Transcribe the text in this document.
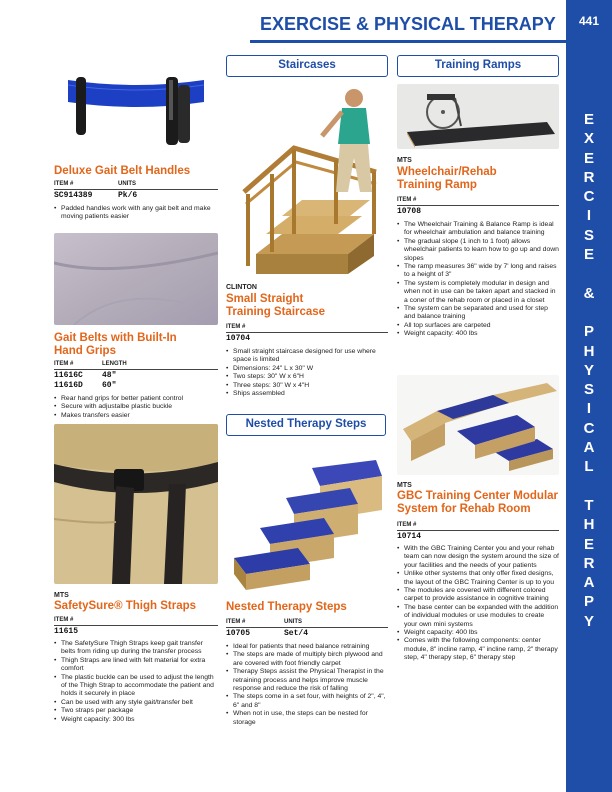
EXERCISE & PHYSICAL THERAPY	441
E
X
E
R
C
I
S
E
&
P
H
Y
S
I
C
A
L
T
H
E
R
A
P
Y
Staircases	Training Ramps
Nested Therapy Steps
Deluxe Gait Belt Handles
ITEM #	UNITS
SC914389	Pk/6
• Padded handles work with any gait belt and make moving patients easier
Gait Belts with Built-In
Hand Grips
ITEM #	LENGTH
11616C 48"
11616D 60"
• Rear hand grips for better patient control
• Secure with adjustalbe plastic buckle
• Makes transfers easier
MTS
SafetySure® Thigh Straps
ITEM #
11615
• The SafetySure Thigh Straps keep gait transfer belts from riding up during the transfer process
• Thigh Straps are lined with felt material for extra comfort
• The plastic buckle can be used to adjust the length of the Thigh Strap to accommodate the patient and holds it securely in place
• Can be used with any style gait/transfer belt
• Two straps per package
• Weight capacity: 300 lbs
CLINTON
Small Straight
Training Staircase
ITEM #
10704
• Small straight staircase designed for use where space is limited
• Dimensions: 24" L x 30" W
• Two steps: 30" W x 6"H
• Three steps: 30" W x 4"H
• Ships assembled
Nested Therapy Steps
ITEM #	UNITS
10705	Set/4
• Ideal for patients that need balance retraining
• The steps are made of multiply birch plywood and are covered with foot friendly carpet
• Therapy Steps assist the Physical Therapist in the retraining process and helps improve muscle response and reduce the risk of falling
• The steps come in a set four, with heights of 2", 4", 6" and 8"
• When not in use, the steps can be nested for storage
MTS
Wheelchair/Rehab
Training Ramp
ITEM #
10708
• The Wheelchair Training & Balance Ramp is ideal for wheelchair ambulation and balance training
• The gradual slope (1 inch to 1 foot) allows wheelchair patients to learn how to go up and down slopes
• The ramp measures 36" wide by 7' long and raises to a height of 3"
• The system is completely modular in design and when not in use can be taken apart and stacked in a coner of the rehab room or placed in a closet
• The system can be separated and used for step and balance training
• All top surfaces are carpeted
• Weight capacity: 400 lbs
MTS
GBC Training Center Modular
System for Rehab Room
ITEM #
10714
• With the GBC Training Center you and your rehab team can now design the system around the size of your facilities and the needs of your patients
• Unlike other systems that only offer fixed designs, the layout of the GBC Training Center is up to you
• The modules are covered with different colored carpet to provide assistance in cognitive training
• The base center can be expanded with the addition of individual modules or use modules to create your own mini systems
• Weight capacity: 400 lbs
• Comes with the following components: center module, 8" incline ramp, 4" incline ramp, 2" therapy step, 4" therapy step, 6" therapy step
